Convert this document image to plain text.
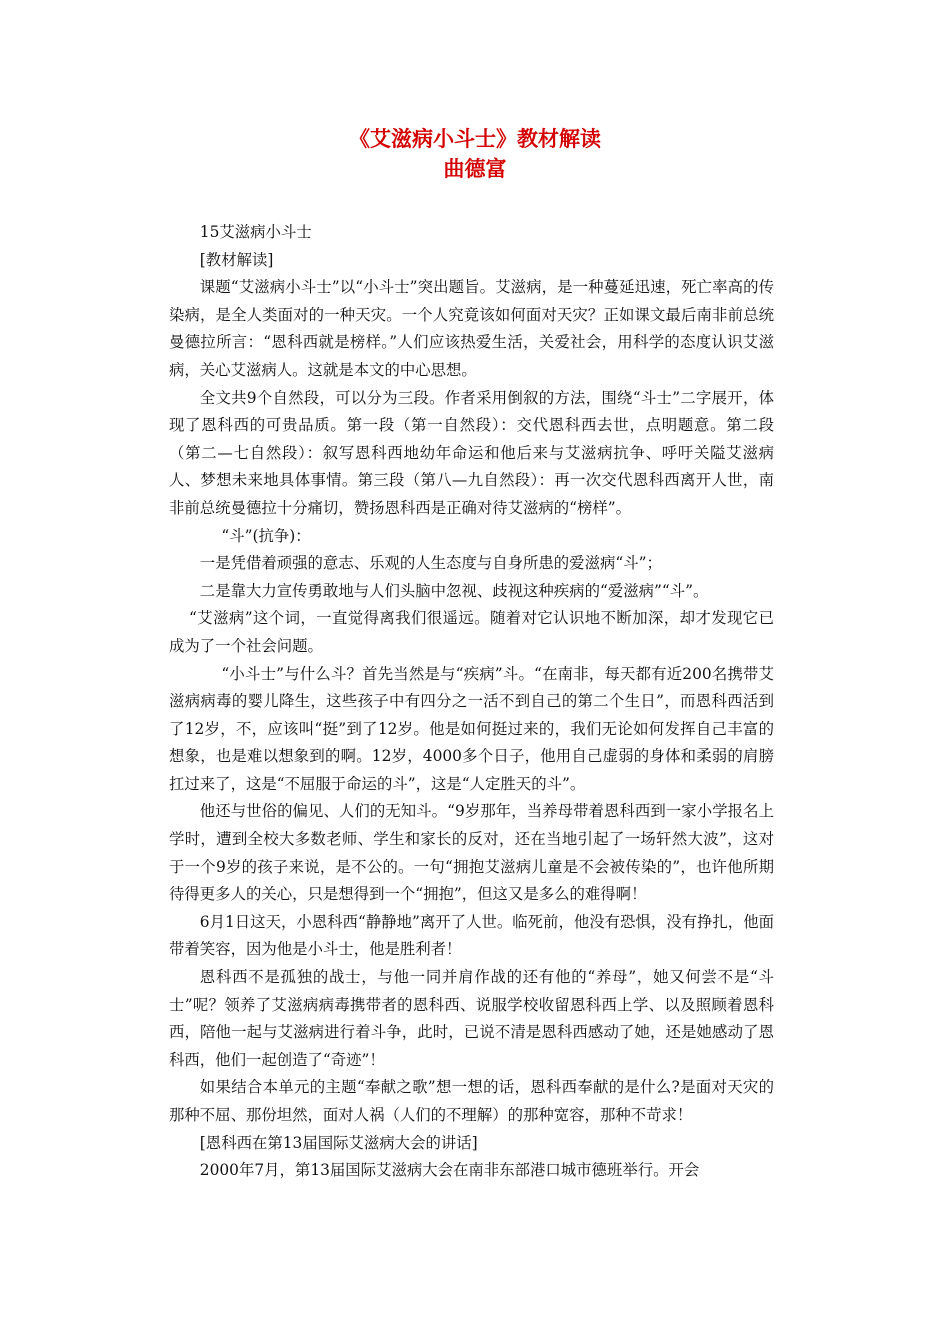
《艾滋病小斗士》教材解读
曲德富

15艾滋病小斗士

[教材解读]

课题“艾滋病小斗士”以“小斗士”突出题旨。艾滋病，是一种蔓延迅速，死亡率高的传染病，是全人类面对的一种天灾。一个人究竟该如何面对天灾？正如课文最后南非前总统曼德拉所言：“恩科西就是榜样。”人们应该热爱生活，关爱社会，用科学的态度认识艾滋病，关心艾滋病人。这就是本文的中心思想。

全文共9个自然段，可以分为三段。作者采用倒叙的方法，围绕“斗士”二字展开，体现了恩科西的可贵品质。第一段（第一自然段）：交代恩科西去世，点明题意。第二段（第二—七自然段）：叙写恩科西地幼年命运和他后来与艾滋病抗争、呼吁关隘艾滋病人、梦想未来地具体事情。第三段（第八—九自然段）：再一次交代恩科西离开人世，南非前总统曼德拉十分痛切，赞扬恩科西是正确对待艾滋病的“榜样”。

“斗”(抗争)：

一是凭借着顽强的意志、乐观的人生态度与自身所患的爱滋病“斗”；

二是靠大力宣传勇敢地与人们头脑中忽视、歧视这种疾病的“爱滋病”“斗”。

“艾滋病”这个词，一直觉得离我们很遥远。随着对它认识地不断加深，却才发现它已成为了一个社会问题。

“小斗士”与什么斗？首先当然是与“疾病”斗。“在南非，每天都有近200名携带艾滋病病毒的婴儿降生，这些孩子中有四分之一活不到自己的第二个生日”，而恩科西活到了12岁，不，应该叫“挺”到了12岁。他是如何挺过来的，我们无论如何发挥自己丰富的想象，也是难以想象到的啊。12岁，4000多个日子，他用自己虚弱的身体和柔弱的肩膀扛过来了，这是“不屈服于命运的斗”，这是“人定胜天的斗”。

他还与世俗的偏见、人们的无知斗。“9岁那年，当养母带着恩科西到一家小学报名上学时，遭到全校大多数老师、学生和家长的反对，还在当地引起了一场轩然大波”，这对于一个9岁的孩子来说，是不公的。一句“拥抱艾滋病儿童是不会被传染的”，也许他所期待得更多人的关心，只是想得到一个“拥抱”，但这又是多么的难得啊！

6月1日这天，小恩科西“静静地”离开了人世。临死前，他没有恐惧，没有挣扎，他面带着笑容，因为他是小斗士，他是胜利者！

恩科西不是孤独的战士，与他一同并肩作战的还有他的“养母”，她又何尝不是“斗士”呢？领养了艾滋病病毒携带者的恩科西、说服学校收留恩科西上学、以及照顾着恩科西，陪他一起与艾滋病进行着斗争，此时，已说不清是恩科西感动了她，还是她感动了恩科西，他们一起创造了“奇迹”！

如果结合本单元的主题“奉献之歌”想一想的话，恩科西奉献的是什么?是面对天灾的那种不屈、那份坦然，面对人祸（人们的不理解）的那种宽容，那种不苛求！

[恩科西在第13届国际艾滋病大会的讲话]

2000年7月，第13届国际艾滋病大会在南非东部港口城市德班举行。开会
